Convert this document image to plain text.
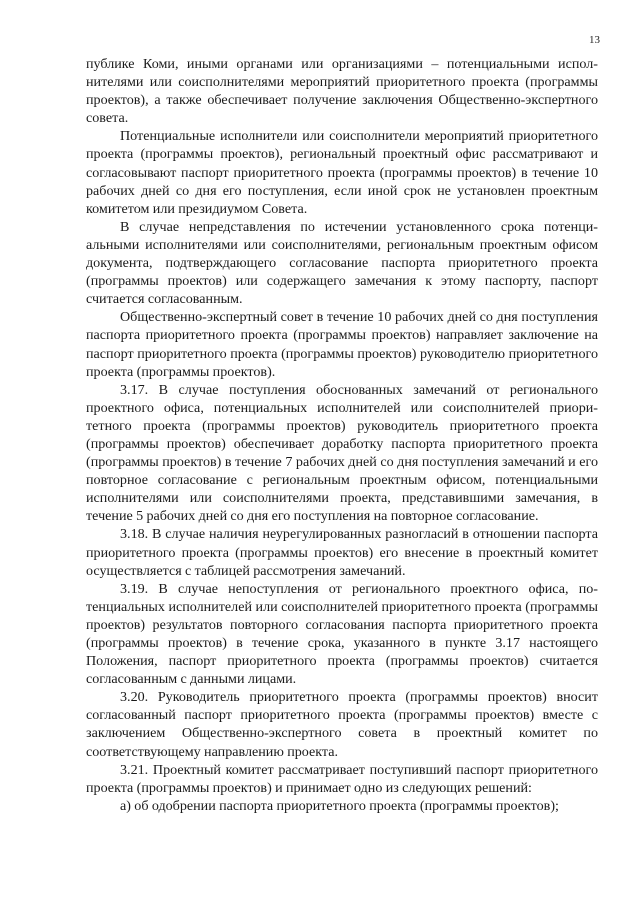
13

публике Коми, иными органами или организациями – потенциальными исполнителями или соисполнителями мероприятий приоритетного проекта (программы проектов), а также обеспечивает получение заключения Общественно-экспертного совета.

Потенциальные исполнители или соисполнители мероприятий приоритетного проекта (программы проектов), региональный проектный офис рассматривают и согласовывают паспорт приоритетного проекта (программы проектов) в течение 10 рабочих дней со дня его поступления, если иной срок не установлен проектным комитетом или президиумом Совета.

В случае непредставления по истечении установленного срока потенциальными исполнителями или соисполнителями, региональным проектным офисом документа, подтверждающего согласование паспорта приоритетного проекта (программы проектов) или содержащего замечания к этому паспорту, паспорт считается согласованным.

Общественно-экспертный совет в течение 10 рабочих дней со дня поступления паспорта приоритетного проекта (программы проектов) направляет заключение на паспорт приоритетного проекта (программы проектов) руководителю приоритетного проекта (программы проектов).

3.17. В случае поступления обоснованных замечаний от регионального проектного офиса, потенциальных исполнителей или соисполнителей приоритетного проекта (программы проектов) руководитель приоритетного проекта (программы проектов) обеспечивает доработку паспорта приоритетного проекта (программы проектов) в течение 7 рабочих дней со дня поступления замечаний и его повторное согласование с региональным проектным офисом, потенциальными исполнителями или соисполнителями проекта, представившими замечания, в течение 5 рабочих дней со дня его поступления на повторное согласование.

3.18. В случае наличия неурегулированных разногласий в отношении паспорта приоритетного проекта (программы проектов) его внесение в проектный комитет осуществляется с таблицей рассмотрения замечаний.

3.19. В случае непоступления от регионального проектного офиса, потенциальных исполнителей или соисполнителей приоритетного проекта (программы проектов) результатов повторного согласования паспорта приоритетного проекта (программы проектов) в течение срока, указанного в пункте 3.17 настоящего Положения, паспорт приоритетного проекта (программы проектов) считается согласованным с данными лицами.

3.20. Руководитель приоритетного проекта (программы проектов) вносит согласованный паспорт приоритетного проекта (программы проектов) вместе с заключением Общественно-экспертного совета в проектный комитет по соответствующему направлению проекта.

3.21. Проектный комитет рассматривает поступивший паспорт приоритетного проекта (программы проектов) и принимает одно из следующих решений:

а) об одобрении паспорта приоритетного проекта (программы проектов);
